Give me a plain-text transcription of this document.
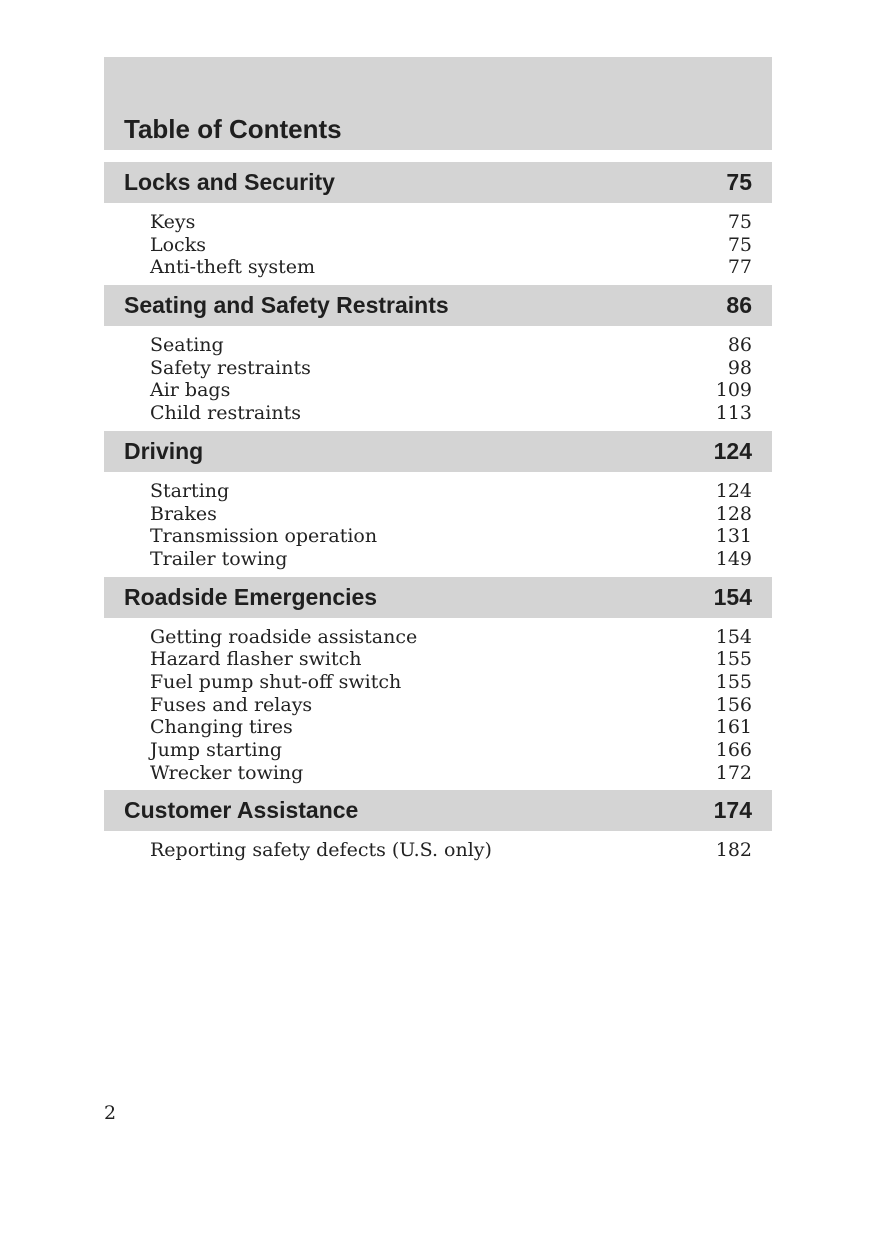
Table of Contents
Locks and Security	75
Keys	75
Locks	75
Anti-theft system	77
Seating and Safety Restraints	86
Seating	86
Safety restraints	98
Air bags	109
Child restraints	113
Driving	124
Starting	124
Brakes	128
Transmission operation	131
Trailer towing	149
Roadside Emergencies	154
Getting roadside assistance	154
Hazard flasher switch	155
Fuel pump shut-off switch	155
Fuses and relays	156
Changing tires	161
Jump starting	166
Wrecker towing	172
Customer Assistance	174
Reporting safety defects (U.S. only)	182
2
